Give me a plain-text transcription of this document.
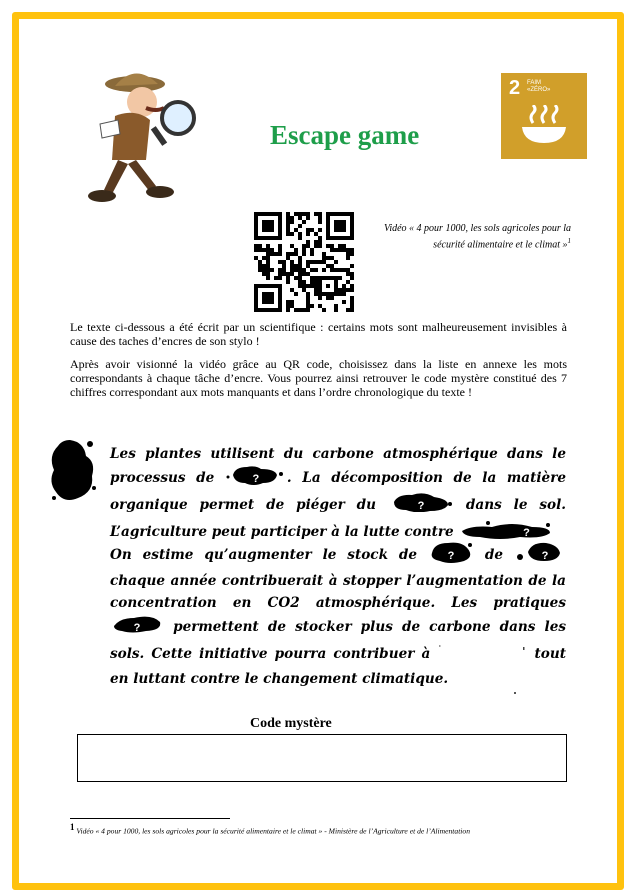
Escape game
2 FAIM
«ZÉRO»
Vidéo « 4 pour 1000, les sols agricoles pour la sécurité alimentaire et le climat »$^1$
Le texte ci-dessous a été écrit par un scientifique : certains mots sont malheureusement invisibles à cause des taches d’encres de son stylo !
Après avoir visionné la vidéo grâce au QR code, choisissez dans la liste en annexe les mots correspondants à chaque tâche d’encre. Vous pourrez ainsi retrouver le code mystère constitué des 7 chiffres correspondant aux mots manquants et dans l’ordre chronologique du texte !
Les plantes utilisent du carbone atmosphérique dans le processus de	?	. La décomposition de la matière organique permet de piéger du	?	dans le sol. L’agriculture peut participer à la lutte contre	?
On estime qu’augmenter le stock de	?	de	?
chaque année contribuerait à stopper l’augmentation de la concentration en CO2 atmosphérique. Les pratiques
?	permettent de stocker plus de carbone dans les sols. Cette initiative pourra contribuer à	tout en luttant contre le changement climatique.
Code mystère
1 Vidéo « 4 pour 1000, les sols agricoles pour la sécurité alimentaire et le climat » - Ministère de l’Agriculture et de l’Alimentation
